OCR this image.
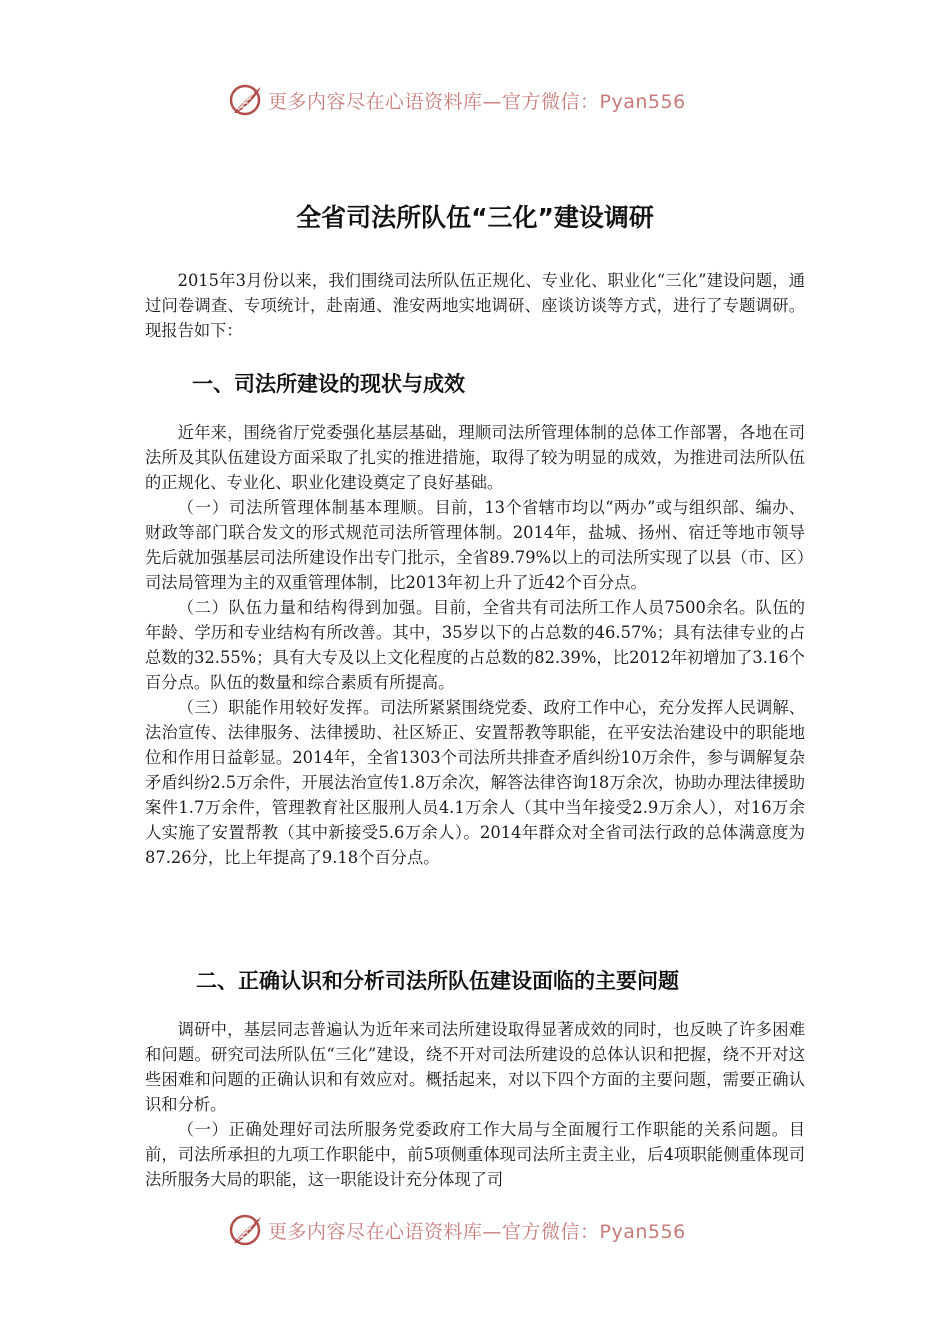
更多内容尽在心语资料库—官方微信：Pyan556
全省司法所队伍“三化”建设调研

2015年3月份以来，我们围绕司法所队伍正规化、专业化、职业化“三化”建设问题，通过问卷调查、专项统计，赴南通、淮安两地实地调研、座谈访谈等方式，进行了专题调研。现报告如下：

一、司法所建设的现状与成效

近年来，围绕省厅党委强化基层基础，理顺司法所管理体制的总体工作部署，各地在司法所及其队伍建设方面采取了扎实的推进措施，取得了较为明显的成效，为推进司法所队伍的正规化、专业化、职业化建设奠定了良好基础。

（一）司法所管理体制基本理顺。目前，13个省辖市均以“两办”或与组织部、编办、财政等部门联合发文的形式规范司法所管理体制。2014年，盐城、扬州、宿迁等地市领导先后就加强基层司法所建设作出专门批示，全省89.79%以上的司法所实现了以县（市、区）司法局管理为主的双重管理体制，比2013年初上升了近42个百分点。

（二）队伍力量和结构得到加强。目前，全省共有司法所工作人员7500余名。队伍的年龄、学历和专业结构有所改善。其中，35岁以下的占总数的46.57%；具有法律专业的占总数的32.55%；具有大专及以上文化程度的占总数的82.39%，比2012年初增加了3.16个百分点。队伍的数量和综合素质有所提高。

（三）职能作用较好发挥。司法所紧紧围绕党委、政府工作中心，充分发挥人民调解、法治宣传、法律服务、法律援助、社区矫正、安置帮教等职能，在平安法治建设中的职能地位和作用日益彰显。2014年，全省1303个司法所共排查矛盾纠纷10万余件，参与调解复杂矛盾纠纷2.5万余件，开展法治宣传1.8万余次，解答法律咨询18万余次，协助办理法律援助案件1.7万余件，管理教育社区服刑人员4.1万余人（其中当年接受2.9万余人），对16万余人实施了安置帮教（其中新接受5.6万余人）。2014年群众对全省司法行政的总体满意度为87.26分，比上年提高了9.18个百分点。

二、正确认识和分析司法所队伍建设面临的主要问题

调研中，基层同志普遍认为近年来司法所建设取得显著成效的同时，也反映了许多困难和问题。研究司法所队伍“三化”建设，绕不开对司法所建设的总体认识和把握，绕不开对这些困难和问题的正确认识和有效应对。概括起来，对以下四个方面的主要问题，需要正确认识和分析。

（一）正确处理好司法所服务党委政府工作大局与全面履行工作职能的关系问题。目前，司法所承担的九项工作职能中，前5项侧重体现司法所主责主业，后4项职能侧重体现司法所服务大局的职能，这一职能设计充分体现了司

更多内容尽在心语资料库—官方微信：Pyan556
